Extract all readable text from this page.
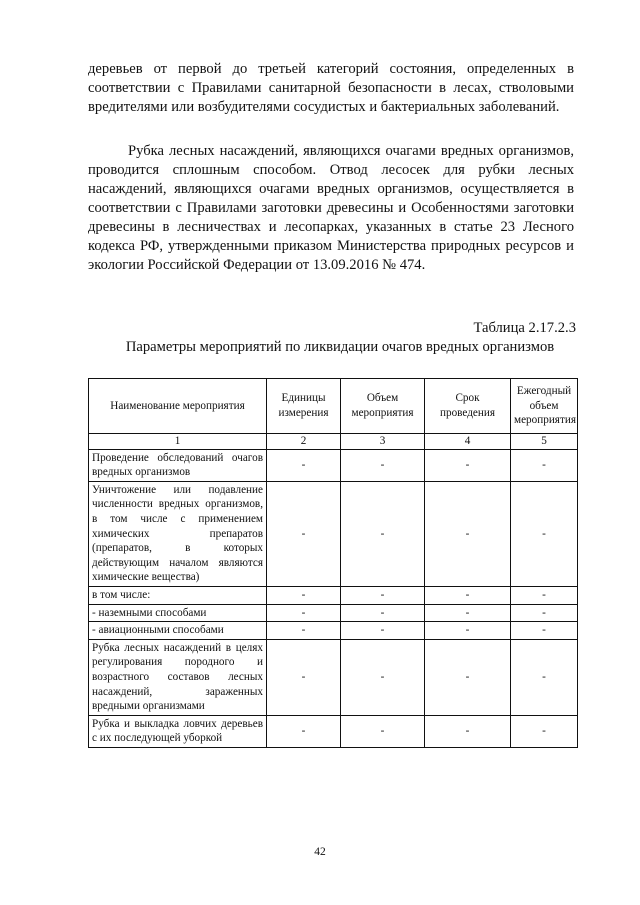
деревьев от первой до третьей категорий состояния, определенных в соответствии с Правилами санитарной безопасности в лесах, стволовыми вредителями или возбудителями сосудистых и бактериальных заболеваний.

Рубка лесных насаждений, являющихся очагами вредных организмов, проводится сплошным способом. Отвод лесосек для рубки лесных насаждений, являющихся очагами вредных организмов, осуществляется в соответствии с Правилами заготовки древесины и Особенностями заготовки древесины в лесничествах и лесопарках, указанных в статье 23 Лесного кодекса РФ, утвержденными приказом Министерства природных ресурсов и экологии Российской Федерации от 13.09.2016 № 474.

Таблица 2.17.2.3
Параметры мероприятий по ликвидации очагов вредных организмов
Наименование мероприятия	Единицы измерения	Объем мероприятия	Срок проведения	Ежегодный объем мероприятия
1	2	3	4	5
Проведение обследований очагов вредных организмов	-	-	-	-
Уничтожение или подавление численности вредных организмов, в том числе с применением химических препаратов (препаратов, в которых действующим началом являются химические вещества)	-	-	-	-
в том числе:	-	-	-	-
- наземными способами	-	-	-	-
- авиационными способами	-	-	-	-
Рубка лесных насаждений в целях регулирования породного и возрастного составов лесных насаждений, зараженных вредными организмами	-	-	-	-
Рубка и выкладка ловчих деревьев с их последующей уборкой	-	-	-	-
42
